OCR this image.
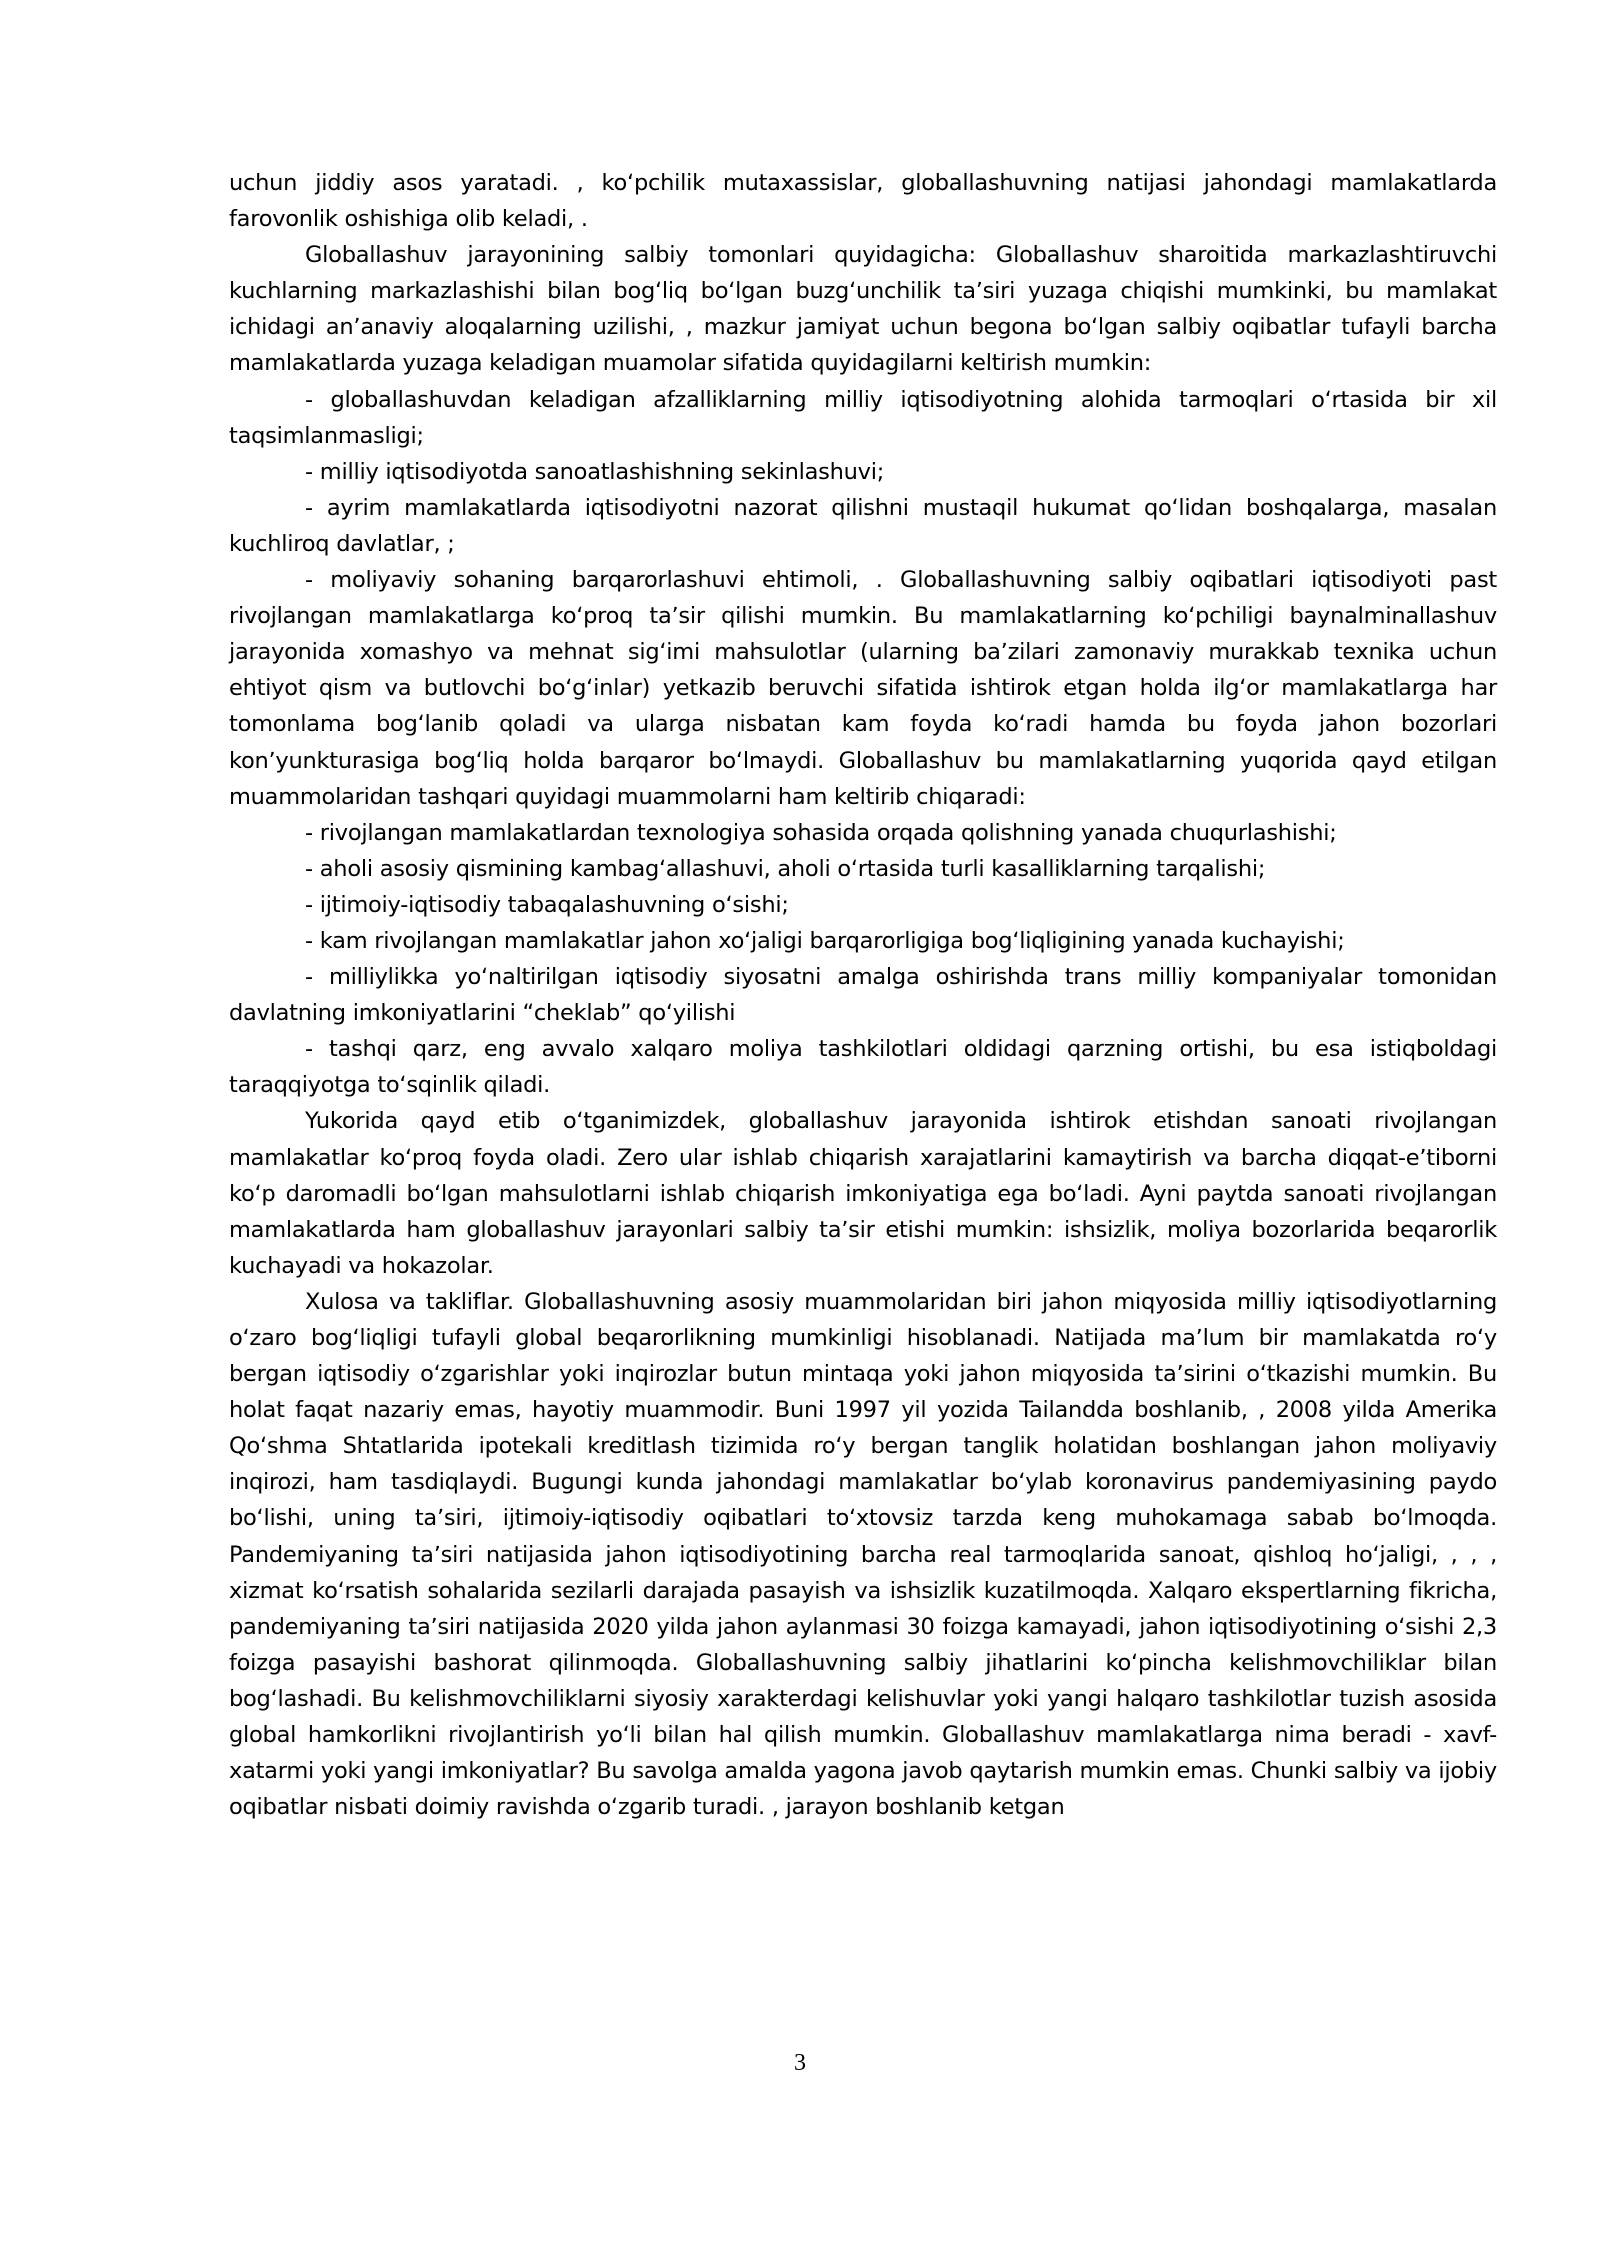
uchun jiddiy asos yaratadi. , koʻpchilik mutaxassislar, globallashuvning natijasi jahondagi mamlakatlarda farovonlik oshishiga olib keladi, .

Globallashuv jarayonining salbiy tomonlari quyidagicha: Globallashuv sharoitida markazlashtiruvchi kuchlarning markazlashishi bilan bogʻliq boʻlgan buzgʻunchilik taʼsiri yuzaga chiqishi mumkinki, bu mamlakat ichidagi anʼanaviy aloqalarning uzilishi, , mazkur jamiyat uchun begona boʻlgan salbiy oqibatlar tufayli barcha mamlakatlarda yuzaga keladigan muamolar sifatida quyidagilarni keltirish mumkin:

- globallashuvdan keladigan afzalliklarning milliy iqtisodiyotning alohida tarmoqlari oʻrtasida bir xil taqsimlanmasligi;

- milliy iqtisodiyotda sanoatlashishning sekinlashuvi;

- ayrim mamlakatlarda iqtisodiyotni nazorat qilishni mustaqil hukumat qoʻlidan boshqalarga, masalan kuchliroq davlatlar, ;

- moliyaviy sohaning barqarorlashuvi ehtimoli, . Globallashuvning salbiy oqibatlari iqtisodiyoti past rivojlangan mamlakatlarga koʻproq taʼsir qilishi mumkin. Bu mamlakatlarning koʻpchiligi baynalminallashuv jarayonida xomashyo va mehnat sigʻimi mahsulotlar (ularning baʼzilari zamonaviy murakkab texnika uchun ehtiyot qism va butlovchi boʻgʻinlar) yetkazib beruvchi sifatida ishtirok etgan holda ilgʻor mamlakatlarga har tomonlama bogʻlanib qoladi va ularga nisbatan kam foyda koʻradi hamda bu foyda jahon bozorlari konʼyunkturasiga bogʻliq holda barqaror boʻlmaydi. Globallashuv bu mamlakatlarning yuqorida qayd etilgan muammolaridan tashqari quyidagi muammolarni ham keltirib chiqaradi:

- rivojlangan mamlakatlardan texnologiya sohasida orqada qolishning yanada chuqurlashishi;

- aholi asosiy qismining kambagʻallashuvi, aholi oʻrtasida turli kasalliklarning tarqalishi;

- ijtimoiy-iqtisodiy tabaqalashuvning oʻsishi;

- kam rivojlangan mamlakatlar jahon xoʻjaligi barqarorligiga bogʻliqligining yanada kuchayishi;

- milliylikka yoʻnaltirilgan iqtisodiy siyosatni amalga oshirishda trans milliy kompaniyalar tomonidan davlatning imkoniyatlarini “cheklab” qoʻyilishi

- tashqi qarz, eng avvalo xalqaro moliya tashkilotlari oldidagi qarzning ortishi, bu esa istiqboldagi taraqqiyotga toʻsqinlik qiladi.

Yukorida qayd etib oʻtganimizdek, globallashuv jarayonida ishtirok etishdan sanoati rivojlangan mamlakatlar koʻproq foyda oladi. Zero ular ishlab chiqarish xarajatlarini kamaytirish va barcha diqqat-eʼtiborni koʻp daromadli boʻlgan mahsulotlarni ishlab chiqarish imkoniyatiga ega boʻladi. Ayni paytda sanoati rivojlangan mamlakatlarda ham globallashuv jarayonlari salbiy taʼsir etishi mumkin: ishsizlik, moliya bozorlarida beqarorlik kuchayadi va hokazolar.

Xulosa va takliflar. Globallashuvning asosiy muammolaridan biri jahon miqyosida milliy iqtisodiyotlarning oʻzaro bogʻliqligi tufayli global beqarorlikning mumkinligi hisoblanadi. Natijada maʼlum bir mamlakatda roʻy bergan iqtisodiy oʻzgarishlar yoki inqirozlar butun mintaqa yoki jahon miqyosida taʼsirini oʻtkazishi mumkin. Bu holat faqat nazariy emas, hayotiy muammodir. Buni 1997 yil yozida Tailandda boshlanib, , 2008 yilda Amerika Qoʻshma Shtatlarida ipotekali kreditlash tizimida roʻy bergan tanglik holatidan boshlangan jahon moliyaviy inqirozi, ham tasdiqlaydi. Bugungi kunda jahondagi mamlakatlar boʻylab koronavirus pandemiyasining paydo boʻlishi, uning taʼsiri, ijtimoiy-iqtisodiy oqibatlari toʻxtovsiz tarzda keng muhokamaga sabab boʻlmoqda. Pandemiyaning taʼsiri natijasida jahon iqtisodiyotining barcha real tarmoqlarida sanoat, qishloq hoʻjaligi, , , , xizmat koʻrsatish sohalarida sezilarli darajada pasayish va ishsizlik kuzatilmoqda. Xalqaro ekspertlarning fikricha, pandemiyaning taʼsiri natijasida 2020 yilda jahon aylanmasi 30 foizga kamayadi, jahon iqtisodiyotining oʻsishi 2,3 foizga pasayishi bashorat qilinmoqda. Globallashuvning salbiy jihatlarini koʻpincha kelishmovchiliklar bilan bogʻlashadi. Bu kelishmovchiliklarni siyosiy xarakterdagi kelishuvlar yoki yangi halqaro tashkilotlar tuzish asosida global hamkorlikni rivojlantirish yoʻli bilan hal qilish mumkin. Globallashuv mamlakatlarga nima beradi - xavf-xatarmi yoki yangi imkoniyatlar? Bu savolga amalda yagona javob qaytarish mumkin emas. Chunki salbiy va ijobiy oqibatlar nisbati doimiy ravishda oʻzgarib turadi. , jarayon boshlanib ketgan

3
